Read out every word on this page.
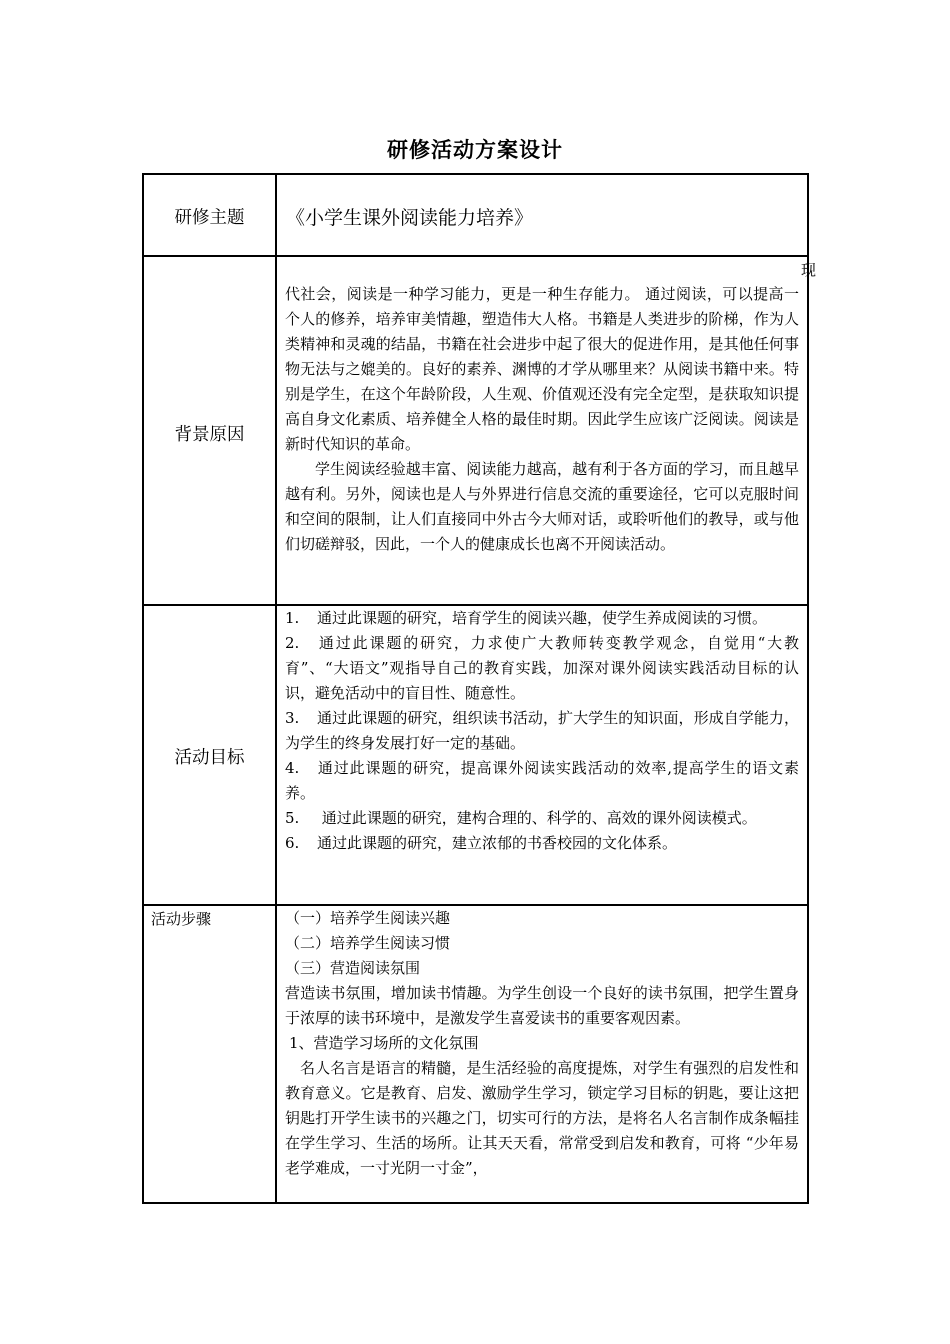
研修活动方案设计
研修主题	《小学生课外阅读能力培养》
现
背景原因

代社会，阅读是一种学习能力，更是一种生存能力。 通过阅读，可以提高一个人的修养，培养审美情趣，塑造伟大人格。书籍是人类进步的阶梯，作为人类精神和灵魂的结晶，书籍在社会进步中起了很大的促进作用，是其他任何事物无法与之媲美的。良好的素养、渊博的才学从哪里来？从阅读书籍中来。特别是学生，在这个年龄阶段，人生观、价值观还没有完全定型，是获取知识提高自身文化素质、培养健全人格的最佳时期。因此学生应该广泛阅读。阅读是新时代知识的革命。

学生阅读经验越丰富、阅读能力越高，越有利于各方面的学习，而且越早越有利。另外，阅读也是人与外界进行信息交流的重要途径，它可以克服时间和空间的限制，让人们直接同中外古今大师对话，或聆听他们的教导，或与他们切磋辩驳，因此，一个人的健康成长也离不开阅读活动。

活动目标
1. 通过此课题的研究，培育学生的阅读兴趣，使学生养成阅读的习惯。
2. 通过此课题的研究，力求使广大教师转变教学观念，自觉用“大教育”、“大语文”观指导自己的教育实践，加深对课外阅读实践活动目标的认识，避免活动中的盲目性、随意性。
3. 通过此课题的研究，组织读书活动，扩大学生的知识面，形成自学能力，为学生的终身发展打好一定的基础。
4. 通过此课题的研究，提高课外阅读实践活动的效率,提高学生的语文素养。
5. 通过此课题的研究，建构合理的、科学的、高效的课外阅读模式。
6. 通过此课题的研究，建立浓郁的书香校园的文化体系。
活动步骤	（一）培养学生阅读兴趣

（二）培养学生阅读习惯

（三）营造阅读氛围

营造读书氛围，增加读书情趣。为学生创设一个良好的读书氛围，把学生置身于浓厚的读书环境中，是激发学生喜爱读书的重要客观因素。

1、营造学习场所的文化氛围

名人名言是语言的精髓，是生活经验的高度提炼，对学生有强烈的启发性和教育意义。它是教育、启发、激励学生学习，锁定学习目标的钥匙，要让这把钥匙打开学生读书的兴趣之门，切实可行的方法，是将名人名言制作成条幅挂在学生学习、生活的场所。让其天天看，常常受到启发和教育，可将 “少年易老学难成，一寸光阴一寸金”，
